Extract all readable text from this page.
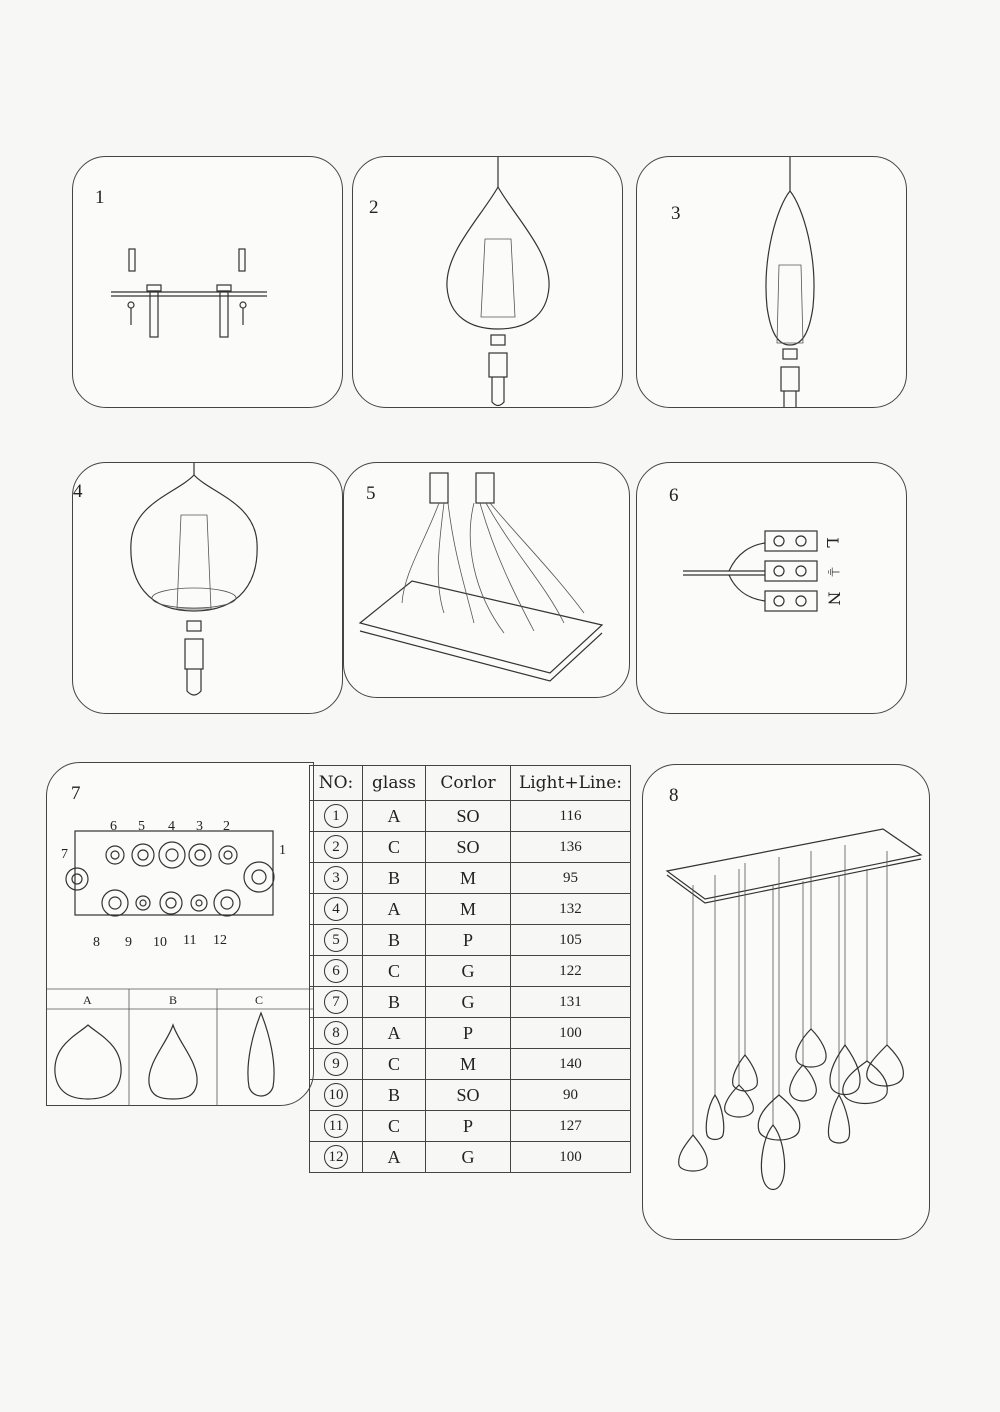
1	2	3
4	5	6
L
⏚
N
7
6 5 4 3 2
1
7
8 9 10 11 12
A	B	C
NO:	glass	Corlor	Light+Line:
1	A	SO	116
2	C	SO	136
3	B	M	95
4	A	M	132
5	B	P	105
6	C	G	122
7	B	G	131
8	A	P	100
9	C	M	140
10	B	SO	90
11	C	P	127
12	A	G	100
8
